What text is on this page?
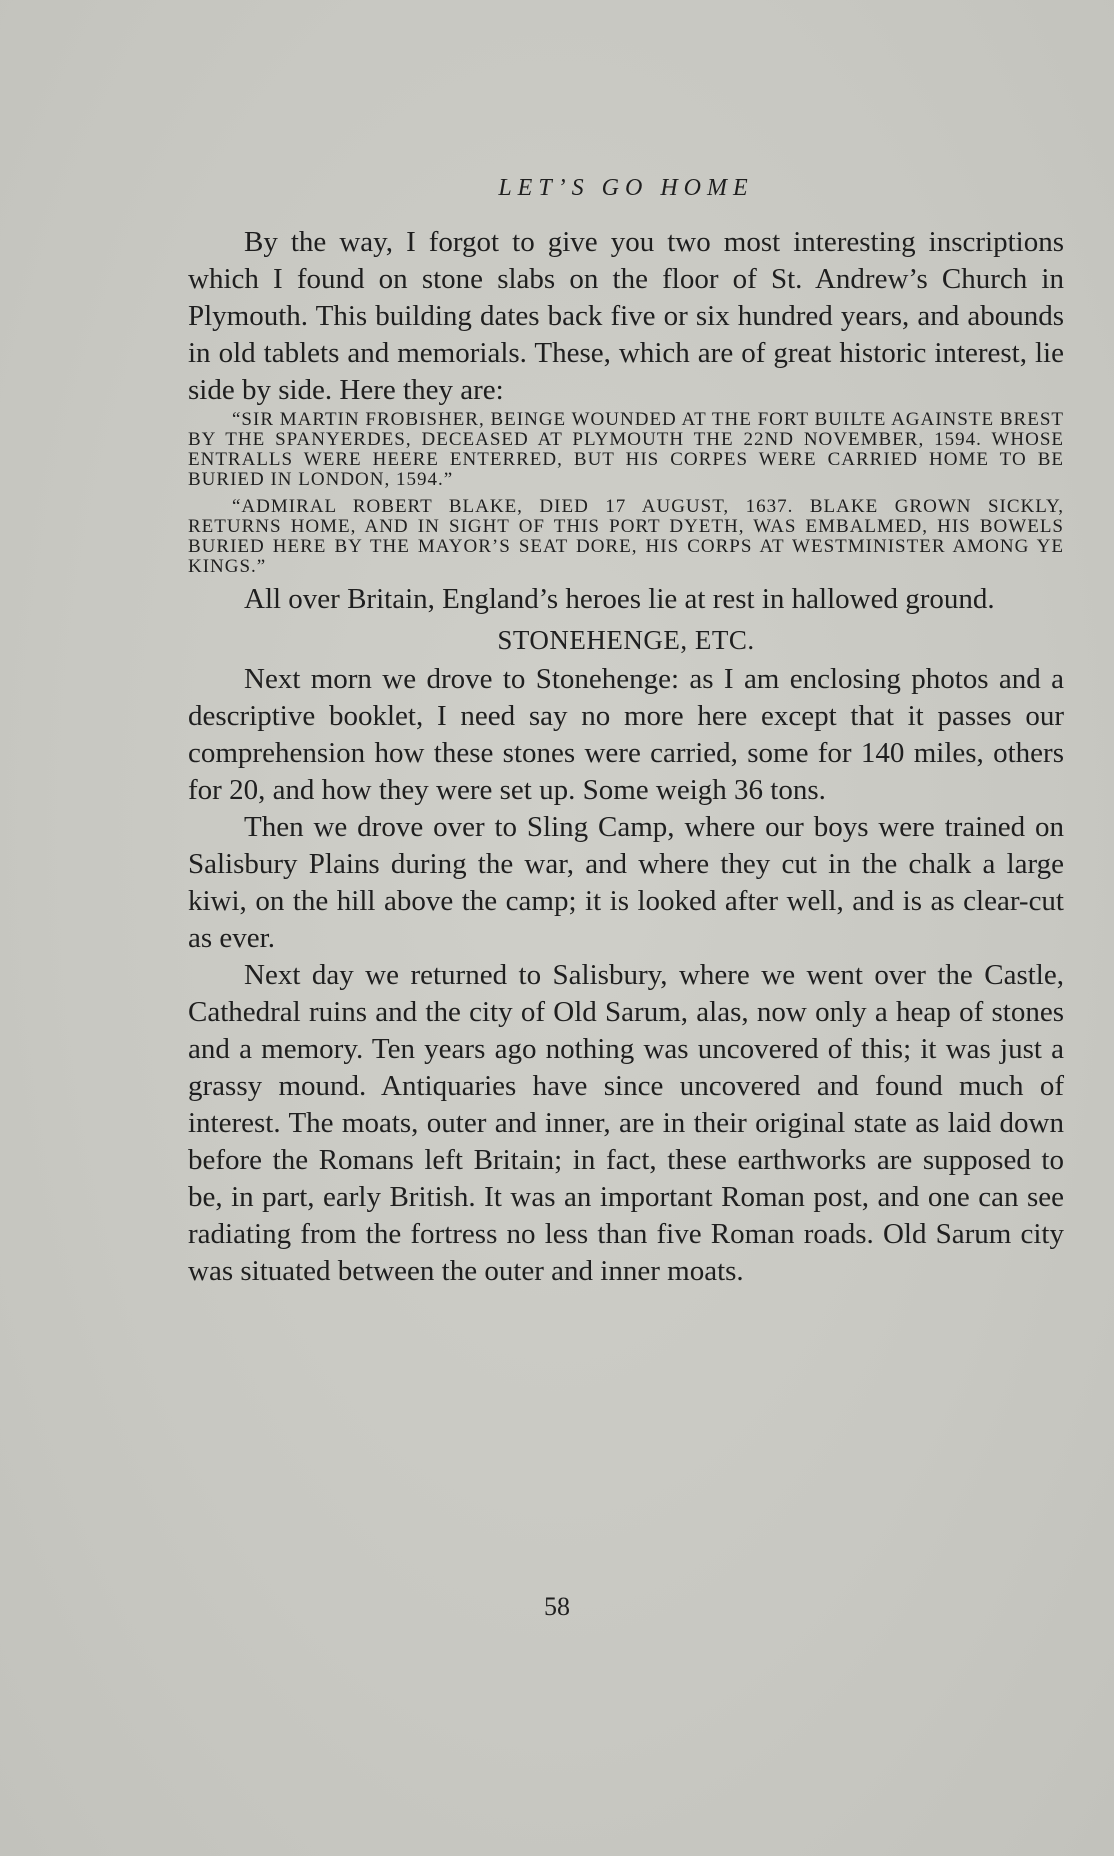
LET’S GO HOME

By the way, I forgot to give you two most interesting inscriptions which I found on stone slabs on the floor of St. Andrew’s Church in Plymouth. This building dates back five or six hundred years, and abounds in old tablets and memorials. These, which are of great historic interest, lie side by side. Here they are:

“SIR MARTIN FROBISHER, BEINGE WOUNDED AT THE FORT BUILTE AGAINSTE BREST BY THE SPANYERDES, DECEASED AT PLYMOUTH THE 22ND NOVEMBER, 1594. WHOSE ENTRALLS WERE HEERE ENTERRED, BUT HIS CORPES WERE CARRIED HOME TO BE BURIED IN LONDON, 1594.”
“ADMIRAL ROBERT BLAKE, DIED 17 AUGUST, 1637. BLAKE GROWN SICKLY, RETURNS HOME, AND IN SIGHT OF THIS PORT DYETH, WAS EMBALMED, HIS BOWELS BURIED HERE BY THE MAYOR’S SEAT DORE, HIS CORPS AT WESTMINISTER AMONG YE KINGS.”

All over Britain, England’s heroes lie at rest in hallowed ground.

STONEHENGE, ETC.

Next morn we drove to Stonehenge: as I am enclosing photos and a descriptive booklet, I need say no more here except that it passes our comprehension how these stones were carried, some for 140 miles, others for 20, and how they were set up. Some weigh 36 tons.

Then we drove over to Sling Camp, where our boys were trained on Salisbury Plains during the war, and where they cut in the chalk a large kiwi, on the hill above the camp; it is looked after well, and is as clear-cut as ever.

Next day we returned to Salisbury, where we went over the Castle, Cathedral ruins and the city of Old Sarum, alas, now only a heap of stones and a memory. Ten years ago nothing was uncovered of this; it was just a grassy mound. Antiquaries have since uncovered and found much of interest. The moats, outer and inner, are in their original state as laid down before the Romans left Britain; in fact, these earthworks are supposed to be, in part, early British. It was an important Roman post, and one can see radiating from the fortress no less than five Roman roads. Old Sarum city was situated between the outer and inner moats.

58
